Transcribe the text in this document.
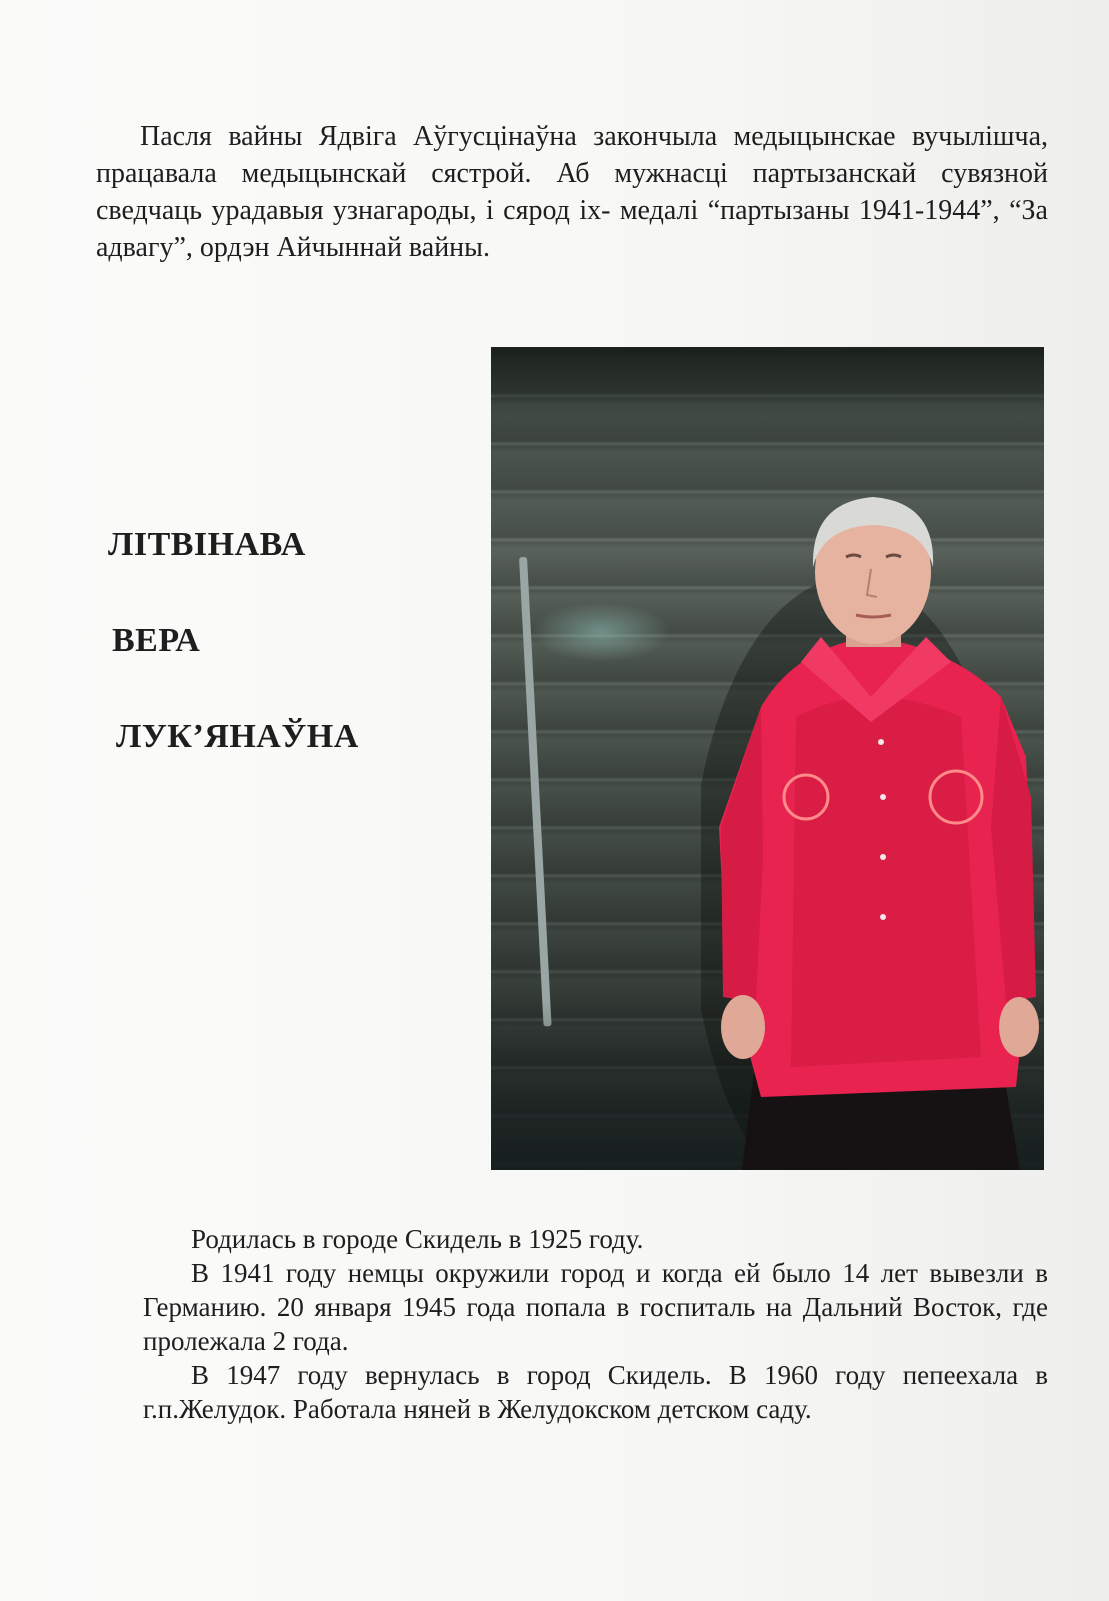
Пасля вайны Ядвіга Аўгусцінаўна закончыла медыцынскае вучылішча, працавала медыцынскай сястрой. Аб мужнасці партызанскай сувязной сведчаць урадавыя узнагароды, і сярод іх- медалі “партызаны 1941-1944”, “За адвагу”, ордэн Айчыннай вайны.

ЛІТВІНАВА
ВЕРА
ЛУК’ЯНАЎНА

Родилась в городе Скидель в 1925 году.

В 1941 году немцы окружили город и когда ей было 14 лет вывезли в Германию. 20 января 1945 года попала в госпиталь на Дальний Восток, где пролежала 2 года.

В 1947 году вернулась в город Скидель. В 1960 году пепеехала в г.п.Желудок. Работала няней в Желудокском детском саду.
